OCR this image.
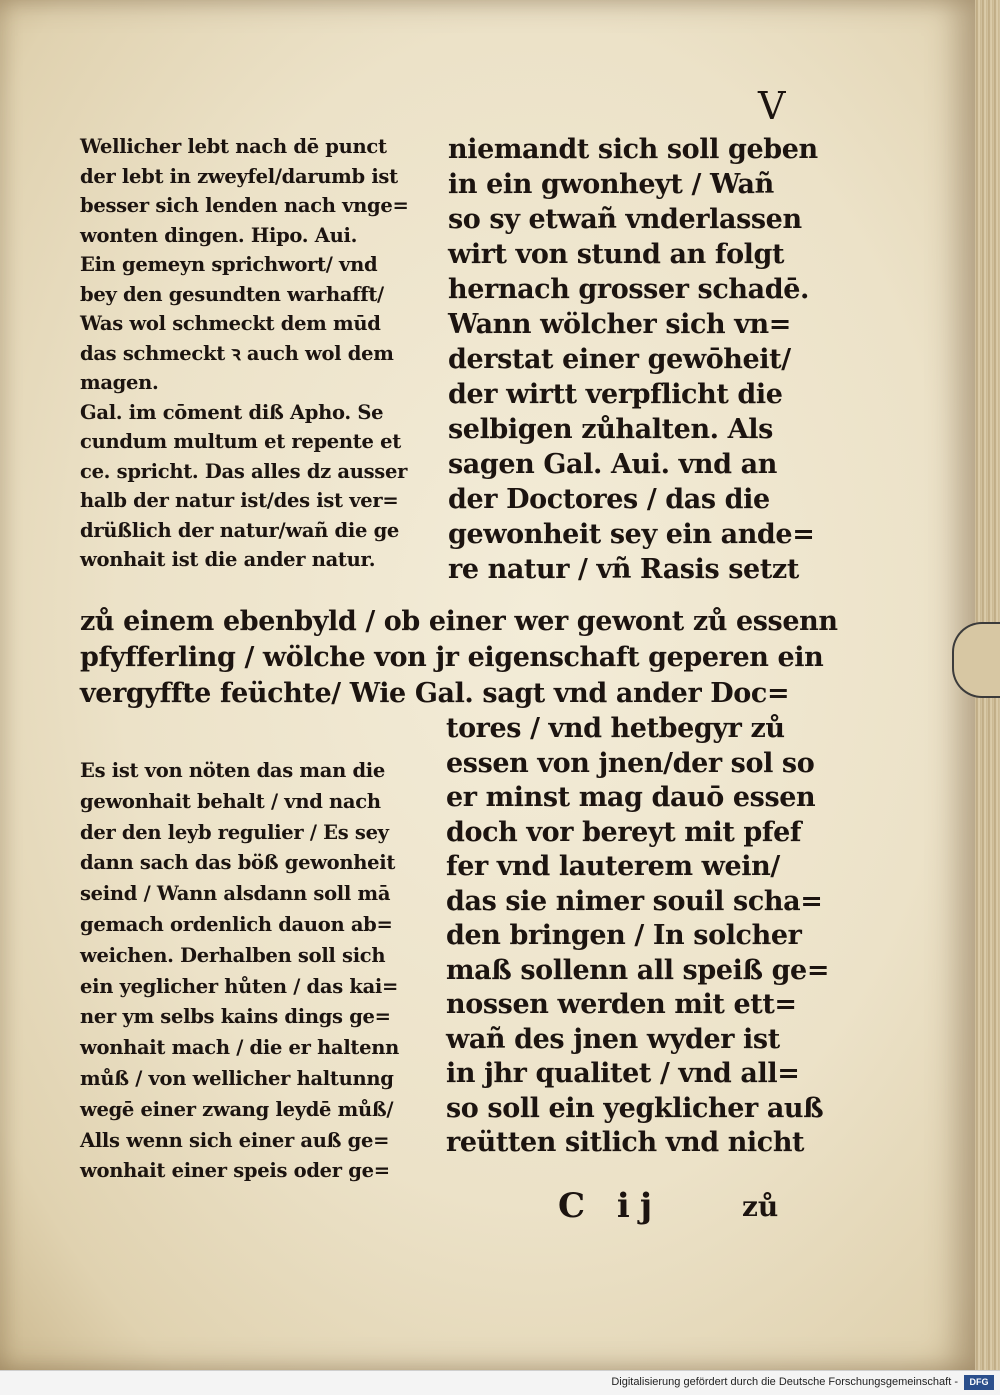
V
Wellicher lebt nach dē punct
der lebt in zweyfel/darumb ist
besser sich lenden nach vnge=
wonten dingen. Hipo. Aui.
Ein gemeyn sprichwort/ vnd
bey den gesundten warhafft/
Was wol schmeckt dem mūd
das schmeckt ꝛ auch wol dem
magen.
Gal. im cōment diß Apho. Se
cundum multum et repente et
ce. spricht. Das alles dz ausser
halb der natur ist/des ist ver=
drüßlich der natur/wañ die ge
wonhait ist die ander natur.
niemandt sich soll geben
in ein gwonheyt / Wañ
so sy etwañ vnderlassen
wirt von stund an folgt
hernach grosser schadē.
Wann wölcher sich vn=
derstat einer gewōheit/
der wirtt verpflicht die
selbigen zůhalten. Als
sagen Gal. Aui. vnd an
der Doctores / das die
gewonheit sey ein ande=
re natur / vñ Rasis setzt
zů einem ebenbyld / ob einer wer gewont zů essenn
pfyfferling / wölche von jr eigenschaft geperen ein
vergyffte feüchte/ Wie Gal. sagt vnd ander Doc=
tores / vnd hetbegyr zů
essen von jnen/der sol so
er minst mag dauō essen
doch vor bereyt mit pfef
fer vnd lauterem wein/
das sie nimer souil scha=
den bringen / In solcher
maß sollenn all speiß ge=
nossen werden mit ett=
wañ des jnen wyder ist
in jhr qualitet / vnd all=
so soll ein yegklicher auß
reütten sitlich vnd nicht
Es ist von nöten das man die
gewonhait behalt / vnd nach
der den leyb regulier / Es sey
dann sach das böß gewonheit
seind / Wann alsdann soll mā
gemach ordenlich dauon ab=
weichen. Derhalben soll sich
ein yeglicher hůten / das kai=
ner ym selbs kains dings ge=
wonhait mach / die er haltenn
můß / von wellicher haltunng
wegē einer zwang leydē můß/
Alls wenn sich einer auß ge=
wonhait einer speis oder ge=
C ij	zů
Digitalisierung gefördert durch die Deutsche Forschungsgemeinschaft -	DFG
